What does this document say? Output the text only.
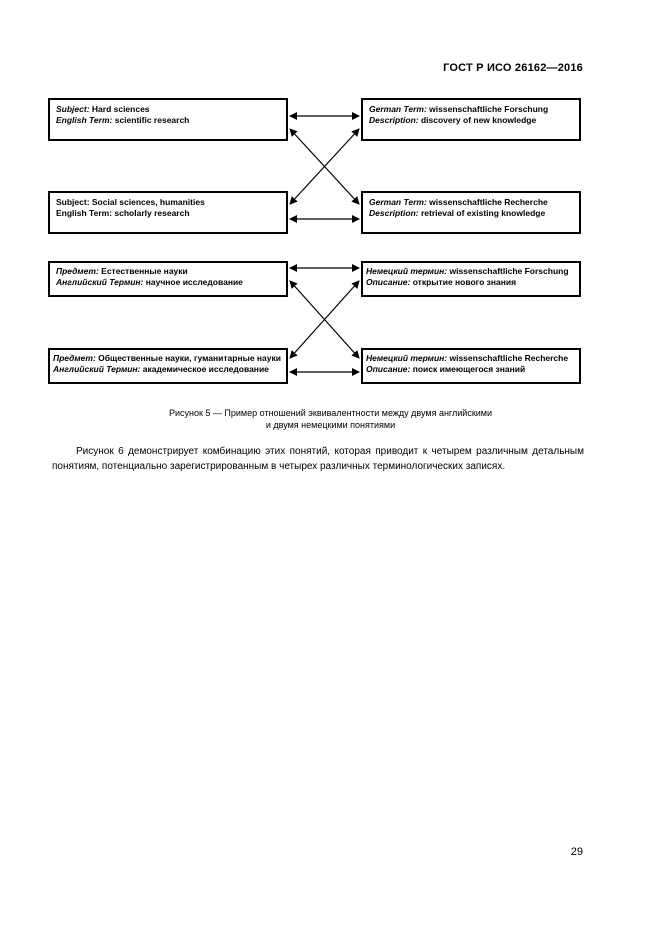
ГОСТ Р ИСО 26162—2016
Subject: Hard sciences
English Term: scientific research
Subject: Social sciences, humanities
English Term: scholarly research
German Term: wissenschaftliche Forschung
Description: discovery of new knowledge
German Term: wissenschaftliche Recherche
Description: retrieval of existing knowledge
Предмет: Естественные науки
Английский Термин: научное исследование
Предмет: Общественные науки, гуманитарные науки
Английский Термин: академическое исследование
Немецкий термин: wissenschaftliche Forschung
Описание: открытие нового знания
Немецкий термин: wissenschaftliche Recherche
Описание: поиск имеющегося знаний
Рисунок 5 — Пример отношений эквивалентности между двумя английскими
и двумя немецкими понятиями
Рисунок 6 демонстрирует комбинацию этих понятий, которая приводит к четырем различным детальным понятиям, потенциально зарегистрированным в четырех различных терминологических записях.
29
